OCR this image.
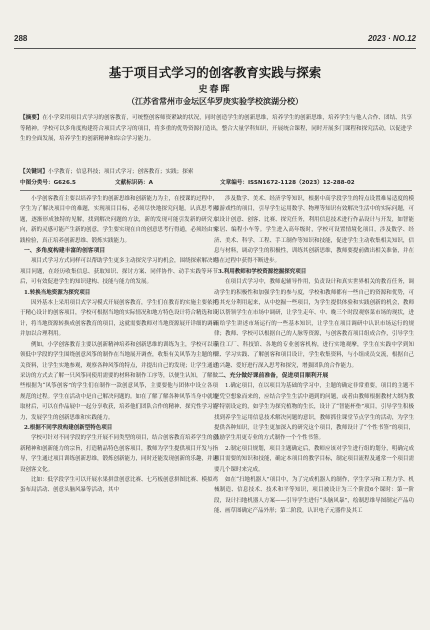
288	2023 · NO.12
基于项目式学习的创客教育实践与探索
史春晖
（江苏省常州市金坛区华罗庚实验学校滨湖分校）
【摘要】在小学采用项目式学习的创客教育，可统整创客师资紧缺的状况，同时创造学生的创新思维，培养学生的创新思维，培养学生与他人合作、团结、共享等精神。学校可以多角度构建符合项目式学习的项目，将多重的优势资源打造出，整合大量学科知识，开展统合课程，同时开展多门课程和探究活动，以促进学生的全面发展，培养学生的创新精神和综合学习能力。
【关键词】小学教育；信息科技；项目式学习；创客教育；实践；探索
中图分类号：G626.5	文献标识码：A	文章编号：ISSN1672-1128（2023）12-288-02

小学创客教育主要以培养学生的创新思维和创新能力为主，在授课的过程中，学生为了解决项目中的难题，实现项目目标，必须尽快地探究问题，认真思考问题，逐渐形成独特的见解，找到解决问题的方法，新的发现可能引发新的研究方向，新的灵感可能产生新的创意，学生要实现在自的创意思考行得通，必须经由实践检验，真正培养创新思维、锻炼实践能力。

一、多角度构建丰富的创客项目

项目式学习方式同样可以帮助学生更多主动探究学习的机会，围绕探索解决的项目问题，在经历收集信息、获取知识、探讨方案、同伴协作、动手实践等环节后，可有效促进学生的知识建构、技能与能力的发展。

1.转换当地资源为探究项目

因外基本上采用项目式学习模式开展创客教育，学生们在教育的实施主要依托于精心设计的创客项目，学校可根据当地的实际情况和地方特色设计符合精选和设计，将当地资源转换成创客教育的项目，这就需要教师对当地资源展开详细的调研并加以合理利用。

例如，小学创客教育主要以创新精神培养和创新思维的训练为主，学校可以带领低中学段的学生围绕创意风筝的制作在当地展开调查，收集有关风筝为主题的相关资料，让学生实地参观，观察各种风筝的特点，并提出自己的发现；让学生通过采访的方式去了解一只风筝同使用需要的材料和制作工序等，以便生认知，了解做些根据为“风筝创客”的学生们在制作一款创意风筝，主要要他与团体中设立各项规范的过程。学生在活动中是自己解决问题的。如在了解了解各种风筝当身中就地取材后，可以在作品展中一起分享收获，培养他们团队合作的精神、探究性学习能力，发展学生的创新思维和实践能力。

2.根据不同学段构建创新型特色项目

学校可针对不同学段的学生开展不同类型的项目，结合创客教育培养学生的创新精神和创新能力的宗旨，打造精品特色创客项目，教师为学生提供项目开发与指导，学生通过项目训练创新思维，锻炼创新能力，同时还能发现创新的乐趣，并建设创客文化。

比如：低学段学生可以开展水果拼盘创意比赛、七巧板创意拼图比赛、模拟鸡蛋布局活动、创意头脑风暴等活动，其中

涉及数学、美术、经济学等知识，根据中高学段学生的特点设置难易适度的模拟游戏性的项目，引导学生运用数学、物理等知识有效解决生活中的实际问题，可以设计创意、创客、比赛、探究任务，利用信息技术进行作品设计与开发，如智能家居、编程小车等。学生进入高年级时，学校可设置情境化项目，涉及数学、经济、美术、科学、工程、手工制作等知识和技能，促进学生主动收集相关知识，信息与材料，调动学生的积极性，训练其创新思维，教师要提前做出相关准备，并在将在过程中获得不断进步。

3.利用教师和学校资源挖掘探究项目

在项目式学习中，教师起辅导作用，负责设计和真实世界相关的教育任务，调动学生的积极性和加强学生的参与度，学校和教师都有一些自己的资源和优势，可将其充分利用起来，从中挖掘一些项目，为学生提供体验和实践创新的机会，教师可以帮领学生在市场中调研，让学生走年、中、晚三个时段观察菜市场的现状，进而给学生讲述市场运行的一些基本知识，让学生在项目调研中认识市场运行的规律；教师、学校可以根据自己的人脉等资源，与创客教育项目组成合作，引导学生前往工厂、科技馆、各地的专业创客机构，进行实地观摩，学生在实践中学到知识、学习实践、了解创客和项目设计，学生收集资料，与小组成员交流，根据自己的兴趣、爱好进行深入思考和探究，增强团队的合作能力。

二、充分做好课前准备，促进项目顺利开展

1.确定项目，在以项目为基础的学习中，主题的确定非常重要，项目的主题不是凭空想象而来的，应结合学生生活中遇到的问题，或者由教师根据教材大纲为教学特别设定的，如学生为探究植物的生长，设计了“智能杯垫”项目，引导学生积极找到养学生运用信息技术解决问题的意识，教师抓住课堂节点学生的活动，为学生提供各种知识，让学生更加深入的研究这个项目，教师设计了“个性书签”的项目，鼓励学生用更专业的方式制作一个个性书签。

2.制定项目规划，项目主题确定后，教师应该对学生进行组的划分，明确完成项目需要的知识和技能，确定本项目的教学目标，制定项目流程及通常一个项目需要几个课时来完成。

如在“扫地机器人”项目中，为了完成机器人的制作，学生学习和工程力学、机械制造、信息技术、技术和平等知识，项目被设计为三个阶段6个课时：第一阶段，设计扫地机器人方案——引导学生进行“头脑风暴”，绘制思维导图制定产品功能、画草图确定产品外形；第二阶段，认识电子元器件及其工
